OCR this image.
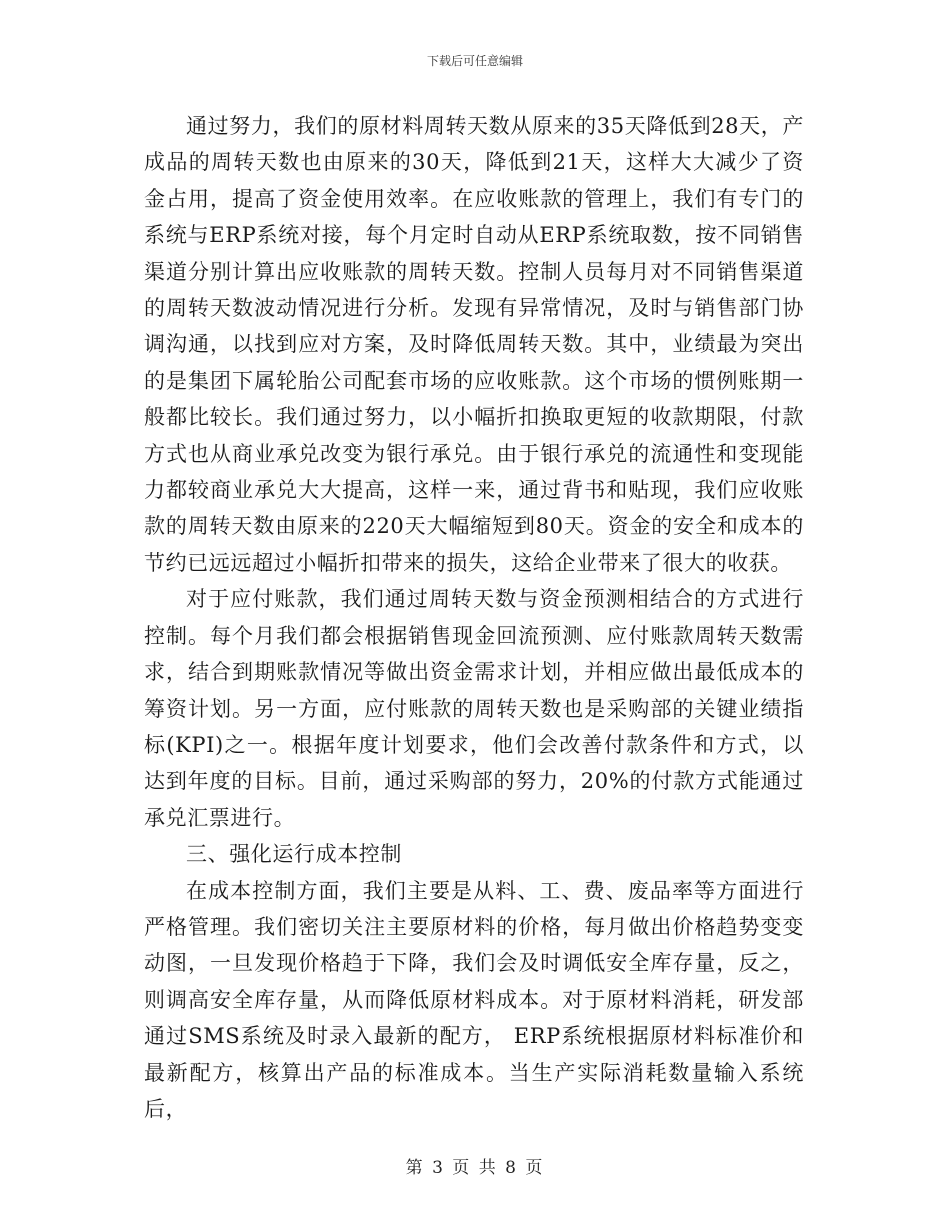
下载后可任意编辑

通过努力，我们的原材料周转天数从原来的35天降低到28天，产成品的周转天数也由原来的30天，降低到21天，这样大大减少了资金占用，提高了资金使用效率。在应收账款的管理上，我们有专门的系统与ERP系统对接，每个月定时自动从ERP系统取数，按不同销售渠道分别计算出应收账款的周转天数。控制人员每月对不同销售渠道的周转天数波动情况进行分析。发现有异常情况，及时与销售部门协调沟通，以找到应对方案，及时降低周转天数。其中，业绩最为突出的是集团下属轮胎公司配套市场的应收账款。这个市场的惯例账期一般都比较长。我们通过努力，以小幅折扣换取更短的收款期限，付款方式也从商业承兑改变为银行承兑。由于银行承兑的流通性和变现能力都较商业承兑大大提高，这样一来，通过背书和贴现，我们应收账款的周转天数由原来的220天大幅缩短到80天。资金的安全和成本的节约已远远超过小幅折扣带来的损失，这给企业带来了很大的收获。

对于应付账款，我们通过周转天数与资金预测相结合的方式进行控制。每个月我们都会根据销售现金回流预测、应付账款周转天数需求，结合到期账款情况等做出资金需求计划，并相应做出最低成本的筹资计划。另一方面，应付账款的周转天数也是采购部的关键业绩指标(KPI)之一。根据年度计划要求，他们会改善付款条件和方式，以达到年度的目标。目前，通过采购部的努力，20%的付款方式能通过承兑汇票进行。

三、强化运行成本控制

在成本控制方面，我们主要是从料、工、费、废品率等方面进行严格管理。我们密切关注主要原材料的价格，每月做出价格趋势变变动图，一旦发现价格趋于下降，我们会及时调低安全库存量，反之，则调高安全库存量，从而降低原材料成本。对于原材料消耗，研发部通过SMS系统及时录入最新的配方， ERP系统根据原材料标准价和最新配方，核算出产品的标准成本。当生产实际消耗数量输入系统后，

第 3 页 共 8 页
